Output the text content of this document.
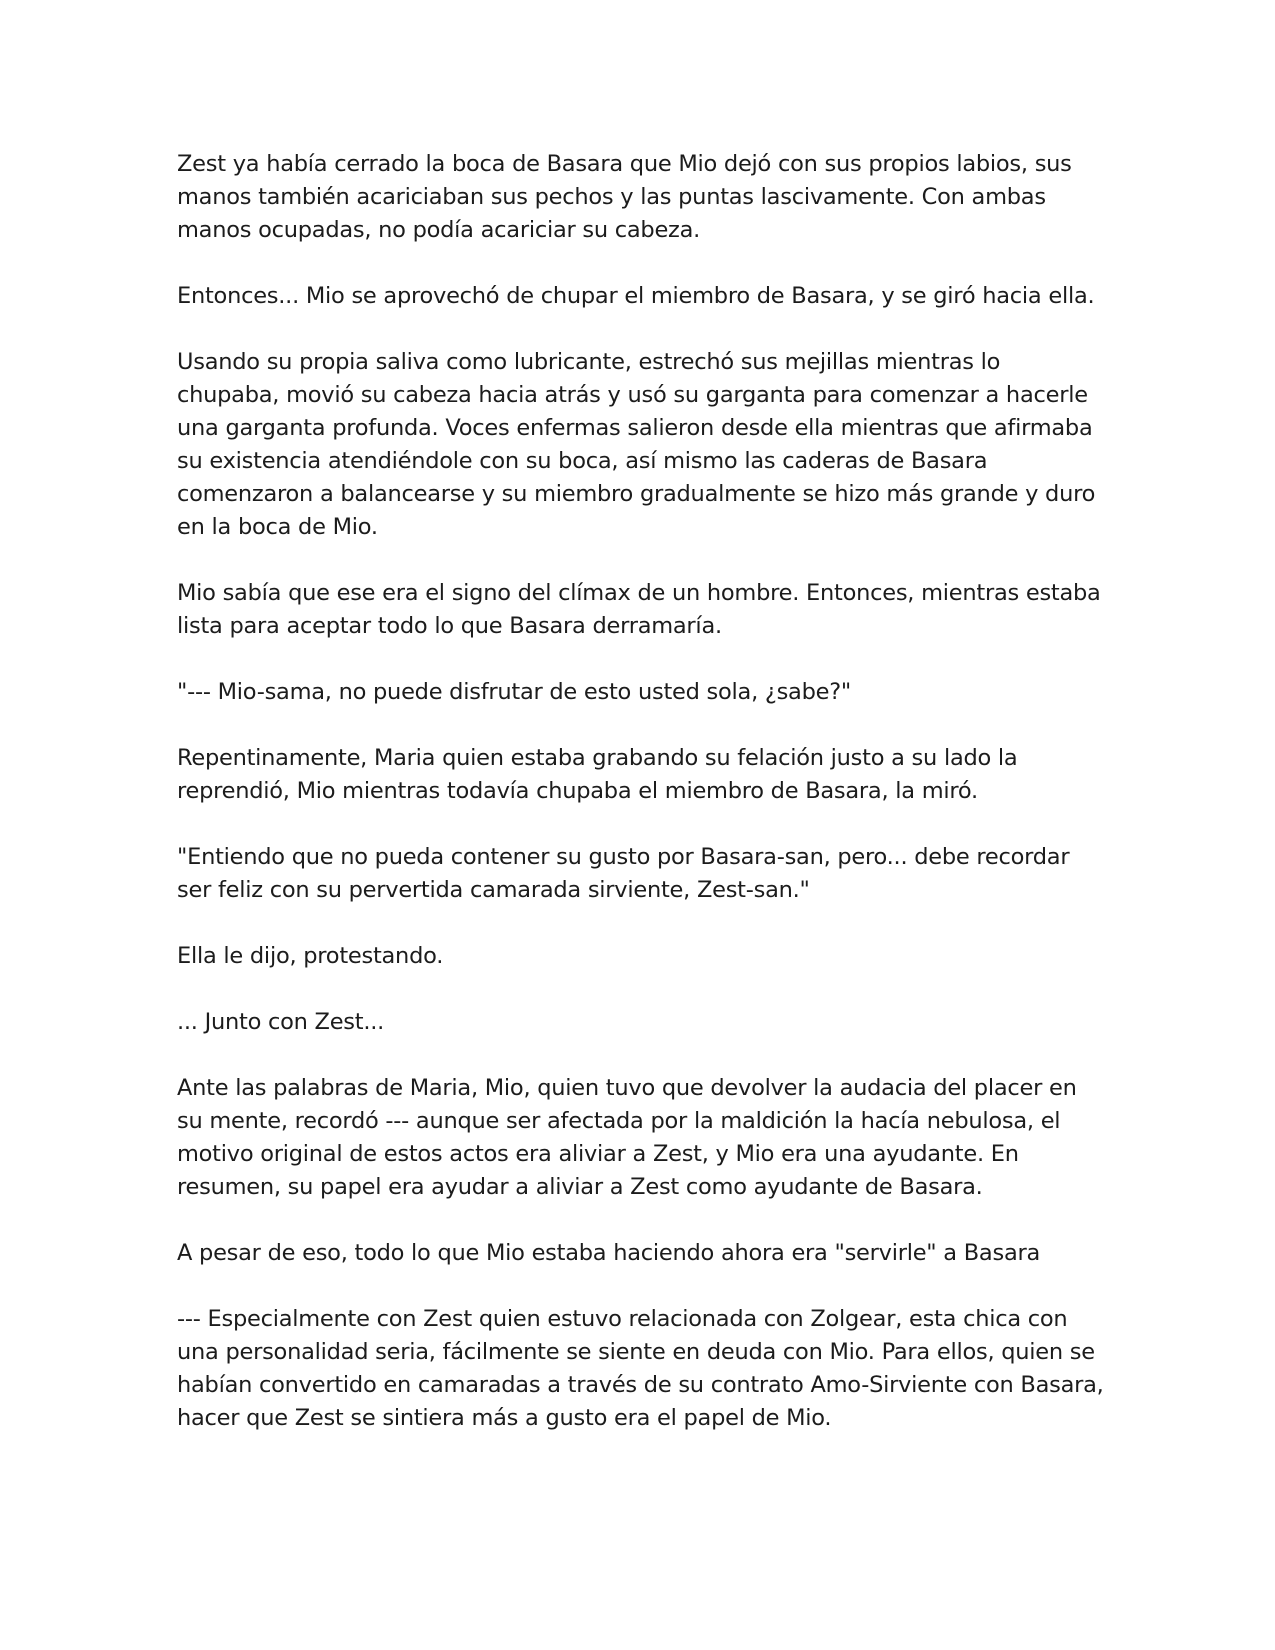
Zest ya había cerrado la boca de Basara que Mio dejó con sus propios labios, sus manos también acariciaban sus pechos y las puntas lascivamente. Con ambas manos ocupadas, no podía acariciar su cabeza.

Entonces... Mio se aprovechó de chupar el miembro de Basara, y se giró hacia ella.

Usando su propia saliva como lubricante, estrechó sus mejillas mientras lo chupaba, movió su cabeza hacia atrás y usó su garganta para comenzar a hacerle una garganta profunda. Voces enfermas salieron desde ella mientras que afirmaba su existencia atendiéndole con su boca, así mismo las caderas de Basara comenzaron a balancearse y su miembro gradualmente se hizo más grande y duro en la boca de Mio.

Mio sabía que ese era el signo del clímax de un hombre. Entonces, mientras estaba lista para aceptar todo lo que Basara derramaría.

"--- Mio-sama, no puede disfrutar de esto usted sola, ¿sabe?"

Repentinamente, Maria quien estaba grabando su felación justo a su lado la reprendió, Mio mientras todavía chupaba el miembro de Basara, la miró.

"Entiendo que no pueda contener su gusto por Basara-san, pero... debe recordar ser feliz con su pervertida camarada sirviente, Zest-san."

Ella le dijo, protestando.

... Junto con Zest...

Ante las palabras de Maria, Mio, quien tuvo que devolver la audacia del placer en su mente, recordó --- aunque ser afectada por la maldición la hacía nebulosa, el motivo original de estos actos era aliviar a Zest, y Mio era una ayudante. En resumen, su papel era ayudar a aliviar a Zest como ayudante de Basara.

A pesar de eso, todo lo que Mio estaba haciendo ahora era "servirle" a Basara

--- Especialmente con Zest quien estuvo relacionada con Zolgear, esta chica con una personalidad seria, fácilmente se siente en deuda con Mio. Para ellos, quien se habían convertido en camaradas a través de su contrato Amo-Sirviente con Basara, hacer que Zest se sintiera más a gusto era el papel de Mio.
